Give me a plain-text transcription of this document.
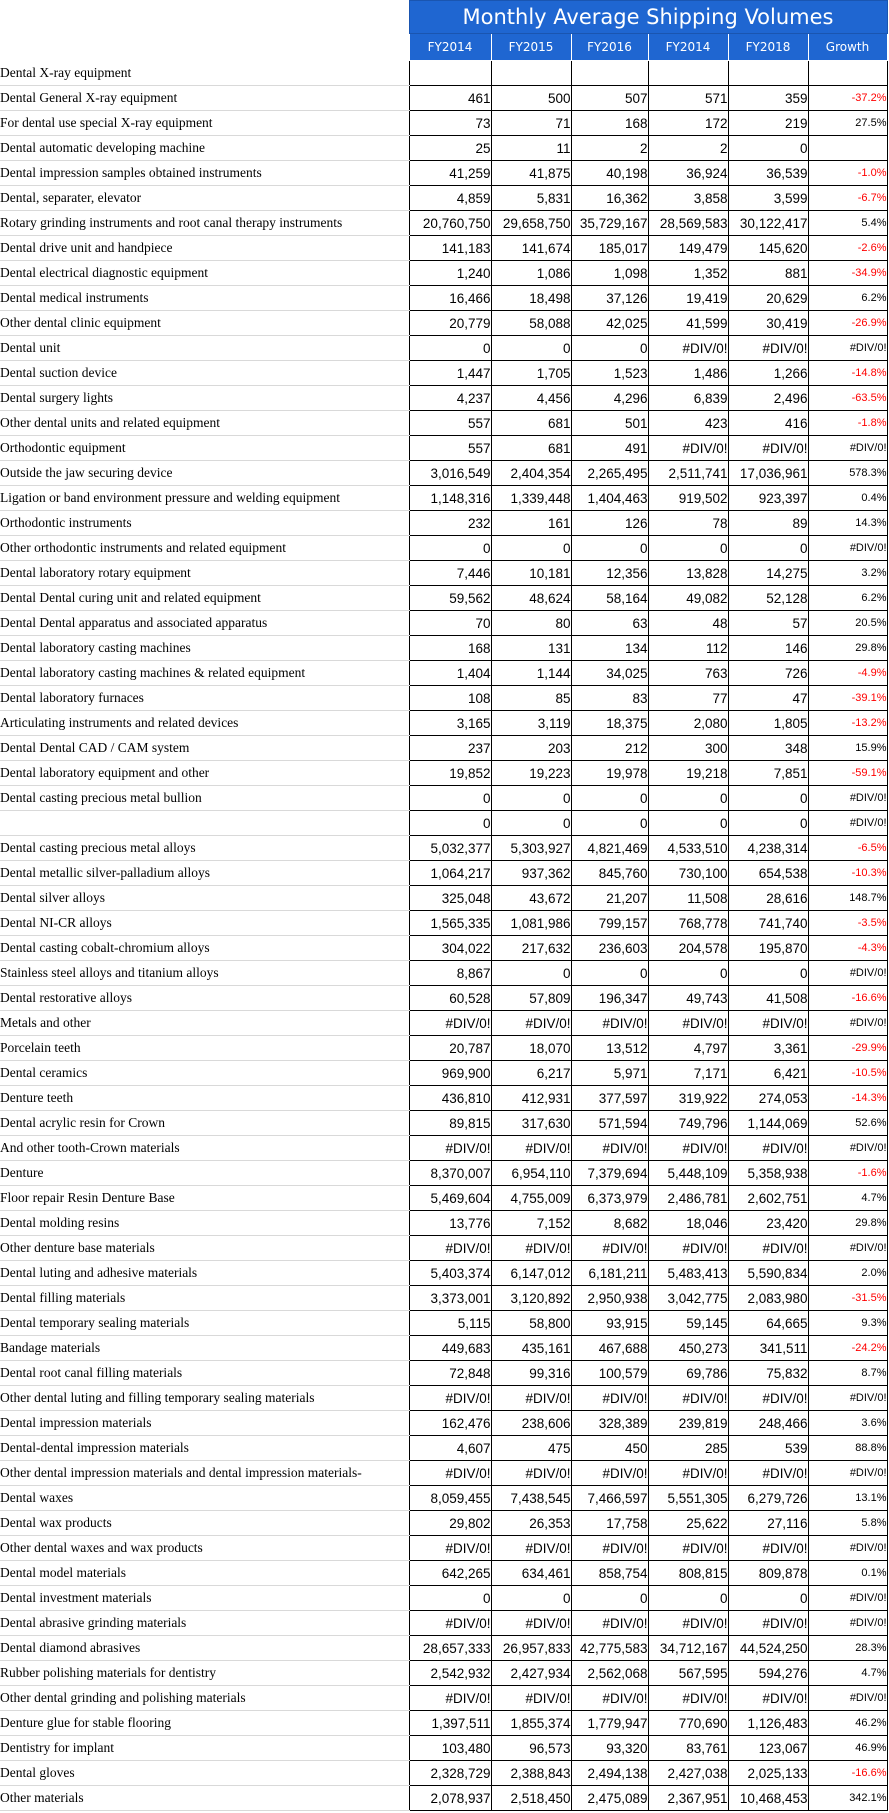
	Monthly Average Shipping Volumes					
	FY2014	FY2015	FY2016	FY2014	FY2018	Growth
Dental X-ray equipment						
Dental General X-ray equipment	461	500	507	571	359	-37.2%
For dental use special X-ray equipment	73	71	168	172	219	27.5%
Dental automatic developing machine	25	11	2	2	0	
Dental impression samples obtained instruments	41,259	41,875	40,198	36,924	36,539	-1.0%
Dental, separater, elevator	4,859	5,831	16,362	3,858	3,599	-6.7%
Rotary grinding instruments and root canal therapy instruments	20,760,750	29,658,750	35,729,167	28,569,583	30,122,417	5.4%
Dental drive unit and handpiece	141,183	141,674	185,017	149,479	145,620	-2.6%
Dental electrical diagnostic equipment	1,240	1,086	1,098	1,352	881	-34.9%
Dental medical instruments	16,466	18,498	37,126	19,419	20,629	6.2%
Other dental clinic equipment	20,779	58,088	42,025	41,599	30,419	-26.9%
Dental unit	0	0	0	#DIV/0!	#DIV/0!	#DIV/0!
Dental suction device	1,447	1,705	1,523	1,486	1,266	-14.8%
Dental surgery lights	4,237	4,456	4,296	6,839	2,496	-63.5%
Other dental units and related equipment	557	681	501	423	416	-1.8%
Orthodontic equipment	557	681	491	#DIV/0!	#DIV/0!	#DIV/0!
Outside the jaw securing device	3,016,549	2,404,354	2,265,495	2,511,741	17,036,961	578.3%
Ligation or band environment pressure and welding equipment	1,148,316	1,339,448	1,404,463	919,502	923,397	0.4%
Orthodontic instruments	232	161	126	78	89	14.3%
Other orthodontic instruments and related equipment	0	0	0	0	0	#DIV/0!
Dental laboratory rotary equipment	7,446	10,181	12,356	13,828	14,275	3.2%
Dental Dental curing unit and related equipment	59,562	48,624	58,164	49,082	52,128	6.2%
Dental Dental apparatus and associated apparatus	70	80	63	48	57	20.5%
Dental laboratory casting machines	168	131	134	112	146	29.8%
Dental laboratory casting machines & related equipment	1,404	1,144	34,025	763	726	-4.9%
Dental laboratory furnaces	108	85	83	77	47	-39.1%
Articulating instruments and related devices	3,165	3,119	18,375	2,080	1,805	-13.2%
Dental Dental CAD / CAM system	237	203	212	300	348	15.9%
Dental laboratory equipment and other	19,852	19,223	19,978	19,218	7,851	-59.1%
Dental casting precious metal bullion	0	0	0	0	0	#DIV/0!
	0	0	0	0	0	#DIV/0!
Dental casting precious metal alloys	5,032,377	5,303,927	4,821,469	4,533,510	4,238,314	-6.5%
Dental metallic silver-palladium alloys	1,064,217	937,362	845,760	730,100	654,538	-10.3%
Dental silver alloys	325,048	43,672	21,207	11,508	28,616	148.7%
Dental NI-CR alloys	1,565,335	1,081,986	799,157	768,778	741,740	-3.5%
Dental casting cobalt-chromium alloys	304,022	217,632	236,603	204,578	195,870	-4.3%
Stainless steel alloys and titanium alloys	8,867	0	0	0	0	#DIV/0!
Dental restorative alloys	60,528	57,809	196,347	49,743	41,508	-16.6%
Metals and other	#DIV/0!	#DIV/0!	#DIV/0!	#DIV/0!	#DIV/0!	#DIV/0!
Porcelain teeth	20,787	18,070	13,512	4,797	3,361	-29.9%
Dental ceramics	969,900	6,217	5,971	7,171	6,421	-10.5%
Denture teeth	436,810	412,931	377,597	319,922	274,053	-14.3%
Dental acrylic resin for Crown	89,815	317,630	571,594	749,796	1,144,069	52.6%
And other tooth-Crown materials	#DIV/0!	#DIV/0!	#DIV/0!	#DIV/0!	#DIV/0!	#DIV/0!
Denture	8,370,007	6,954,110	7,379,694	5,448,109	5,358,938	-1.6%
Floor repair Resin Denture Base	5,469,604	4,755,009	6,373,979	2,486,781	2,602,751	4.7%
Dental molding resins	13,776	7,152	8,682	18,046	23,420	29.8%
Other denture base materials	#DIV/0!	#DIV/0!	#DIV/0!	#DIV/0!	#DIV/0!	#DIV/0!
Dental luting and adhesive materials	5,403,374	6,147,012	6,181,211	5,483,413	5,590,834	2.0%
Dental filling materials	3,373,001	3,120,892	2,950,938	3,042,775	2,083,980	-31.5%
Dental temporary sealing materials	5,115	58,800	93,915	59,145	64,665	9.3%
Bandage materials	449,683	435,161	467,688	450,273	341,511	-24.2%
Dental root canal filling materials	72,848	99,316	100,579	69,786	75,832	8.7%
Other dental luting and filling temporary sealing materials	#DIV/0!	#DIV/0!	#DIV/0!	#DIV/0!	#DIV/0!	#DIV/0!
Dental impression materials	162,476	238,606	328,389	239,819	248,466	3.6%
Dental-dental impression materials	4,607	475	450	285	539	88.8%
Other dental impression materials and dental impression materials-	#DIV/0!	#DIV/0!	#DIV/0!	#DIV/0!	#DIV/0!	#DIV/0!
Dental waxes	8,059,455	7,438,545	7,466,597	5,551,305	6,279,726	13.1%
Dental wax products	29,802	26,353	17,758	25,622	27,116	5.8%
Other dental waxes and wax products	#DIV/0!	#DIV/0!	#DIV/0!	#DIV/0!	#DIV/0!	#DIV/0!
Dental model materials	642,265	634,461	858,754	808,815	809,878	0.1%
Dental investment materials	0	0	0	0	0	#DIV/0!
Dental abrasive grinding materials	#DIV/0!	#DIV/0!	#DIV/0!	#DIV/0!	#DIV/0!	#DIV/0!
Dental diamond abrasives	28,657,333	26,957,833	42,775,583	34,712,167	44,524,250	28.3%
Rubber polishing materials for dentistry	2,542,932	2,427,934	2,562,068	567,595	594,276	4.7%
Other dental grinding and polishing materials	#DIV/0!	#DIV/0!	#DIV/0!	#DIV/0!	#DIV/0!	#DIV/0!
Denture glue for stable flooring	1,397,511	1,855,374	1,779,947	770,690	1,126,483	46.2%
Dentistry for implant	103,480	96,573	93,320	83,761	123,067	46.9%
Dental gloves	2,328,729	2,388,843	2,494,138	2,427,038	2,025,133	-16.6%
Other materials	2,078,937	2,518,450	2,475,089	2,367,951	10,468,453	342.1%
